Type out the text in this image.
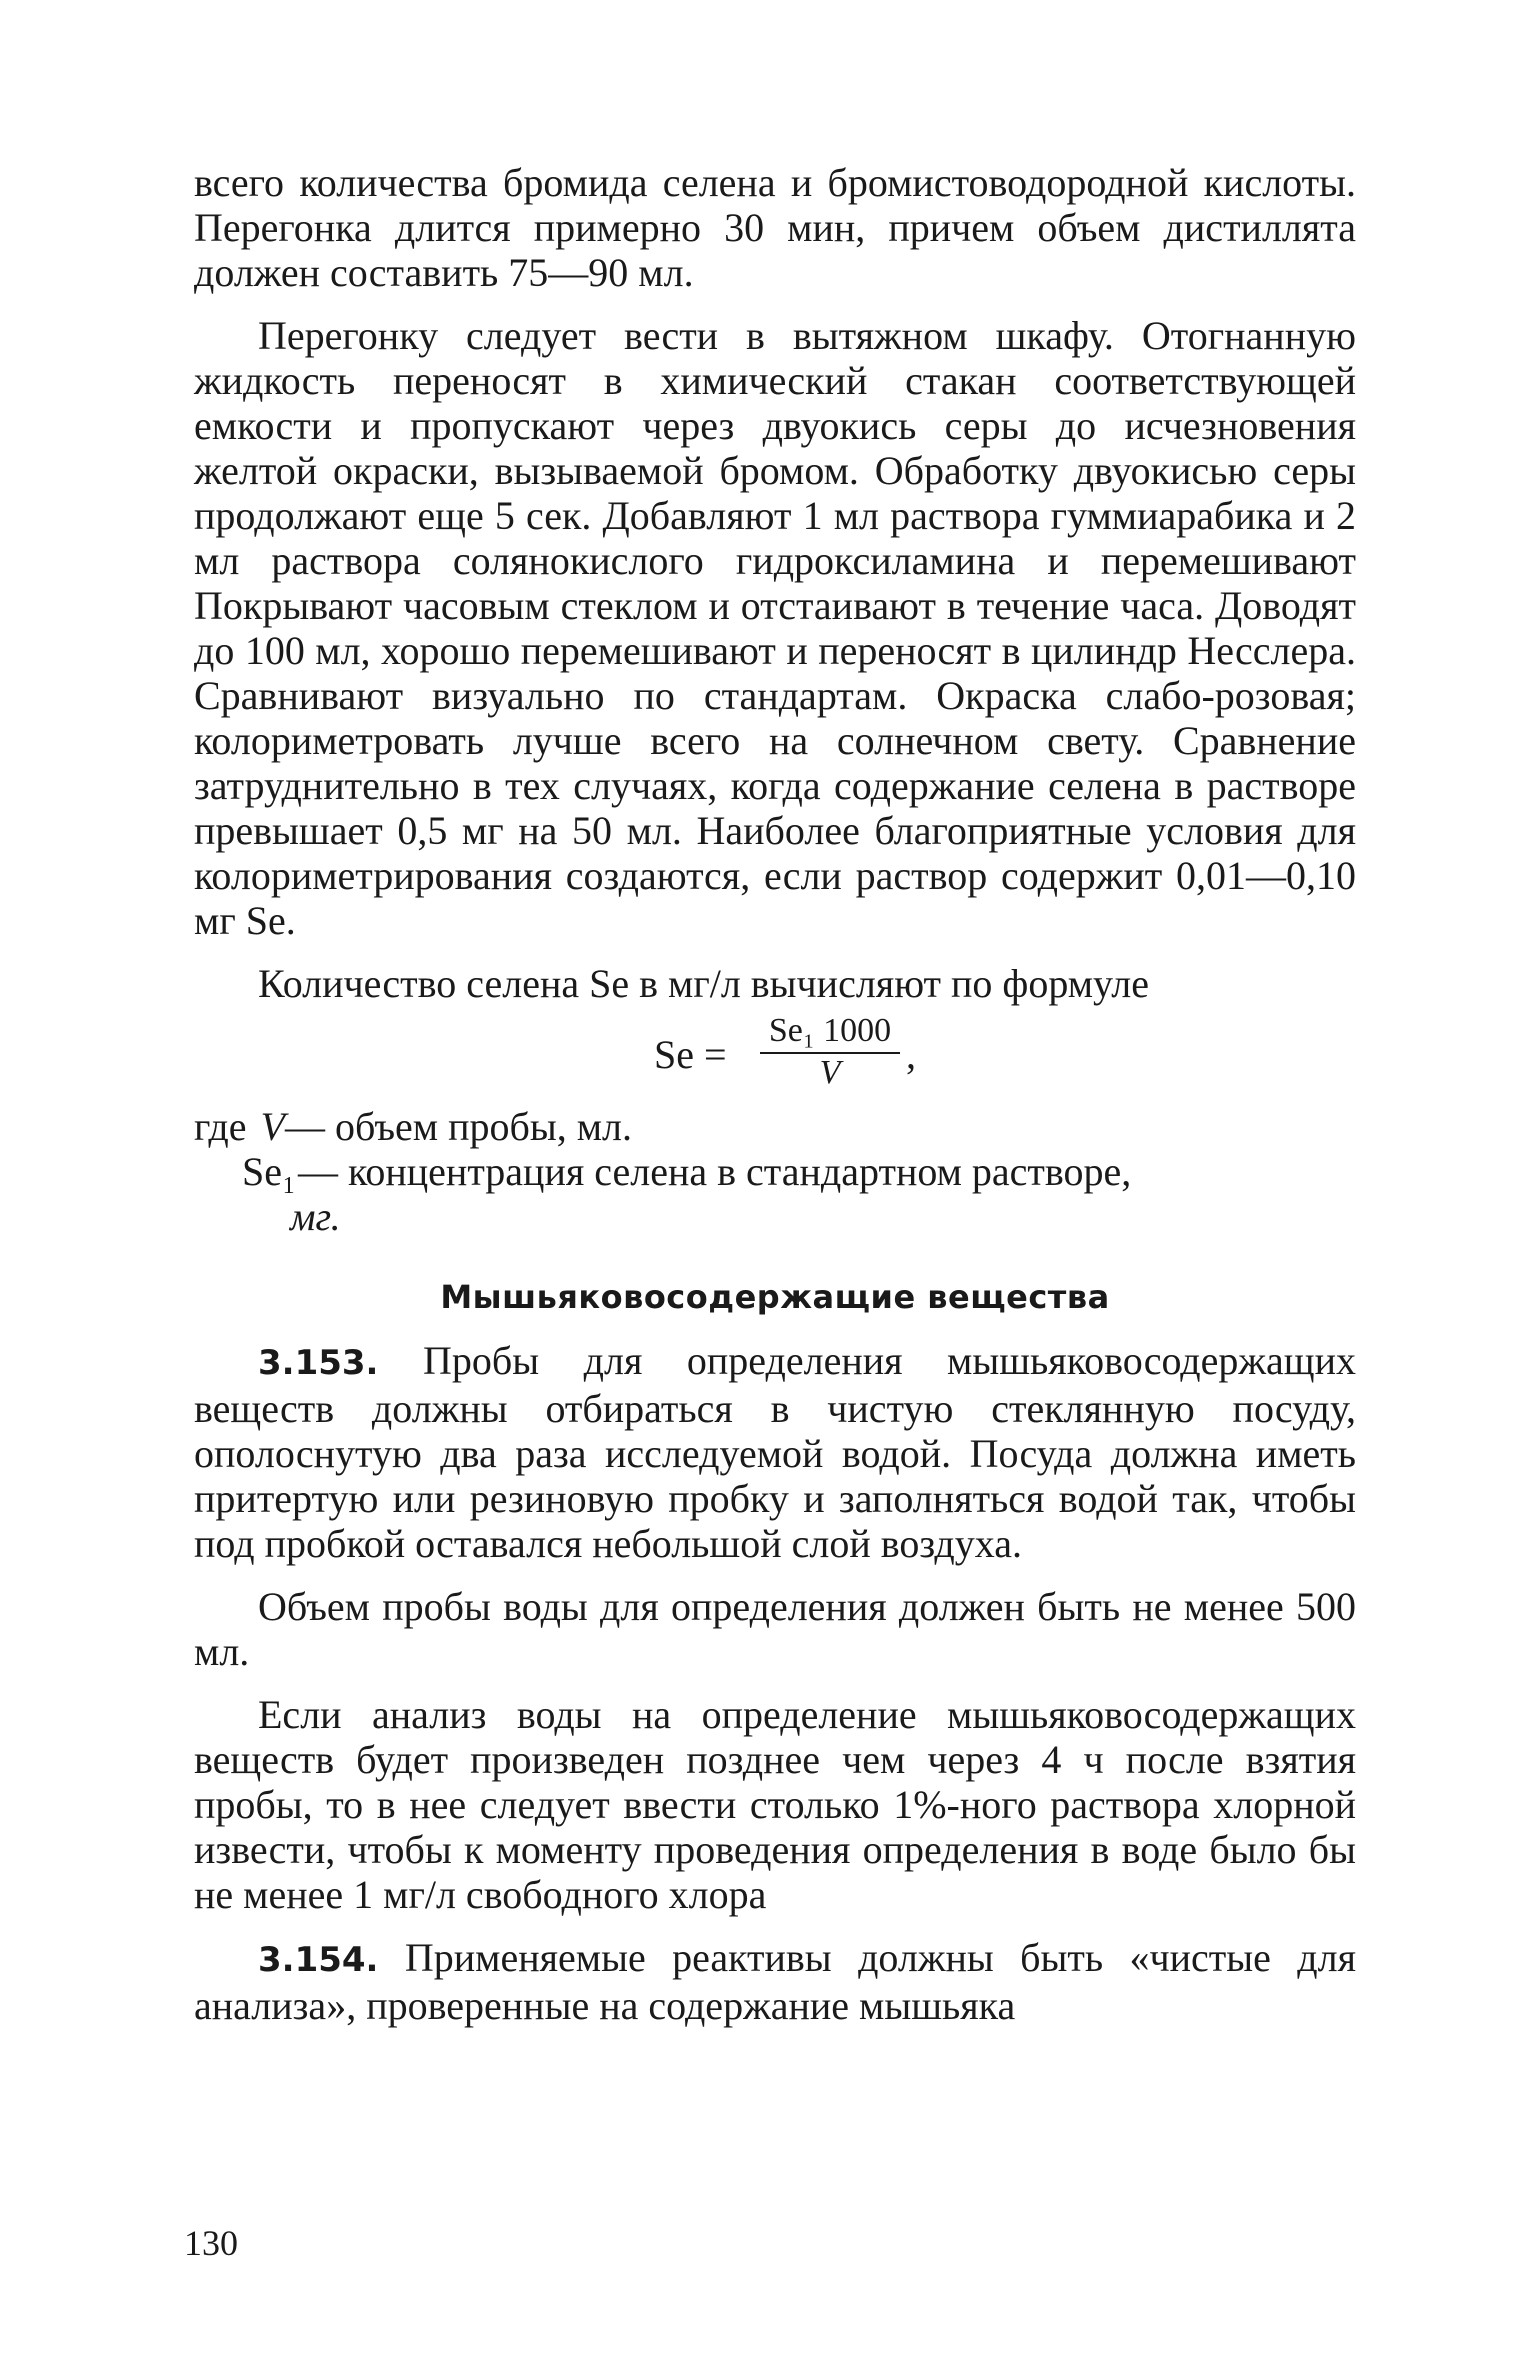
всего количества бромида селена и бромистоводородной кислоты. Перегонка длится примерно 30 мин, причем объем дистиллята должен составить 75—90 мл.

Перегонку следует вести в вытяжном шкафу. Отогнанную жидкость переносят в химический стакан соответствующей емкости и пропускают через двуокись серы до исчезновения желтой окраски, вызываемой бромом. Обработку двуокисью серы продолжают еще 5 сек. Добавляют 1 мл раствора гуммиарабика и 2 мл раствора солянокислого гидроксиламина и перемешивают Покрывают часовым стеклом и отстаивают в течение часа. Доводят до 100 мл, хорошо перемешивают и переносят в цилиндр Несслера. Сравнивают визуально по стандартам. Окраска слабо-розовая; колориметровать лучше всего на солнечном свету. Сравнение затруднительно в тех случаях, когда содержание селена в растворе превышает 0,5 мг на 50 мл. Наиболее благоприятные условия для колориметрирования создаются, если раствор содержит 0,01—0,10 мг Se.

Количество селена Se в мг/л вычисляют по формуле

$Se = \frac{\text{Se₁ 1000}}{V}$ ,
где V — объем пробы, мл.
Se₁ — концентрация селена в стандартном растворе,
мг.
Мышьяковосодержащие вещества

3.153. Пробы для определения мышьяковосодержащих веществ должны отбираться в чистую стеклянную посуду, ополоснутую два раза исследуемой водой. Посуда должна иметь притертую или резиновую пробку и заполняться водой так, чтобы под пробкой оставался небольшой слой воздуха.

Объем пробы воды для определения должен быть не менее 500 мл.

Если анализ воды на определение мышьяковосодержащих веществ будет произведен позднее чем через 4 ч после взятия пробы, то в нее следует ввести столько 1%-ного раствора хлорной извести, чтобы к моменту проведения определения в воде было бы не менее 1 мг/л свободного хлора

3.154. Применяемые реактивы должны быть «чистые для анализа», проверенные на содержание мышьяка

130
